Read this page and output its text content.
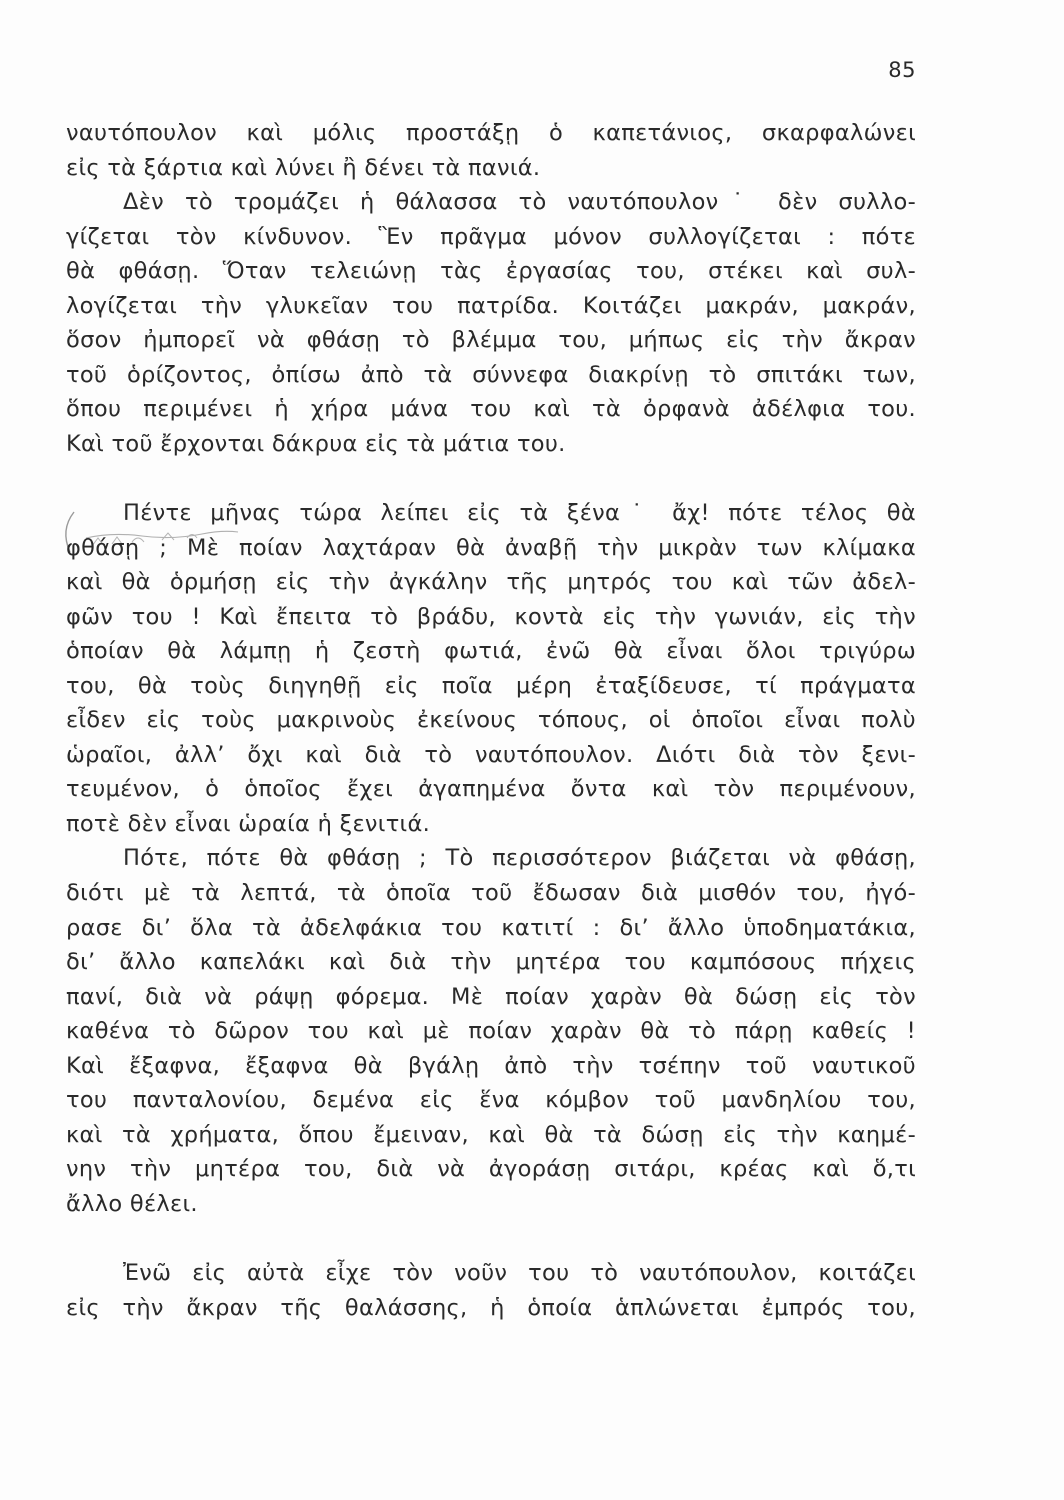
85
ναυτόπουλον καὶ μόλις προστάξῃ ὁ καπετάνιος, σκαρφαλώνει
εἰς τὰ ξάρτια καὶ λύνει ἢ δένει τὰ πανιά.
Δὲν τὸ τρομάζει ἡ θάλασσα τὸ ναυτόπουλον˙ δὲν συλλο-
γίζεται τὸν κίνδυνον. Ἓν πρᾶγμα μόνον συλλογίζεται : πότε
θὰ φθάσῃ. Ὅταν τελειώνῃ τὰς ἐργασίας του, στέκει καὶ συλ-
λογίζεται τὴν γλυκεῖαν του πατρίδα. Κοιτάζει μακράν, μακράν,
ὅσον ἠμπορεῖ νὰ φθάσῃ τὸ βλέμμα του, μήπως εἰς τὴν ἄκραν
τοῦ ὁρίζοντος, ὀπίσω ἀπὸ τὰ σύννεφα διακρίνῃ τὸ σπιτάκι των,
ὅπου περιμένει ἡ χήρα μάνα του καὶ τὰ ὀρφανὰ ἀδέλφια του.
Καὶ τοῦ ἔρχονται δάκρυα εἰς τὰ μάτια του.
Πέντε μῆνας τώρα λείπει εἰς τὰ ξένα˙ ἄχ! πότε τέλος θὰ
φθάσῃ ; Μὲ ποίαν λαχτάραν θὰ ἀναβῇ τὴν μικρὰν των κλίμακα
καὶ θὰ ὁρμήσῃ εἰς τὴν ἀγκάλην τῆς μητρός του καὶ τῶν ἀδελ-
φῶν του ! Καὶ ἔπειτα τὸ βράδυ, κοντὰ εἰς τὴν γωνιάν, εἰς τὴν
ὁποίαν θὰ λάμπῃ ἡ ζεστὴ φωτιά, ἐνῶ θὰ εἶναι ὅλοι τριγύρω
του, θὰ τοὺς διηγηθῇ εἰς ποῖα μέρη ἐταξίδευσε, τί πράγματα
εἶδεν εἰς τοὺς μακρινοὺς ἐκείνους τόπους, οἱ ὁποῖοι εἶναι πολὺ
ὡραῖοι, ἀλλ’ ὄχι καὶ διὰ τὸ ναυτόπουλον. Διότι διὰ τὸν ξενι-
τευμένον, ὁ ὁποῖος ἔχει ἀγαπημένα ὄντα καὶ τὸν περιμένουν,
ποτὲ δὲν εἶναι ὡραία ἡ ξενιτιά.
Πότε, πότε θὰ φθάσῃ ; Τὸ περισσότερον βιάζεται νὰ φθάσῃ,
διότι μὲ τὰ λεπτά, τὰ ὁποῖα τοῦ ἔδωσαν διὰ μισθόν του, ἠγό-
ρασε δι’ ὅλα τὰ ἀδελφάκια του κατιτί : δι’ ἄλλο ὑποδηματάκια,
δι’ ἄλλο καπελάκι καὶ διὰ τὴν μητέρα του καμπόσους πήχεις
πανί, διὰ νὰ ράψῃ φόρεμα. Μὲ ποίαν χαρὰν θὰ δώσῃ εἰς τὸν
καθένα τὸ δῶρον του καὶ μὲ ποίαν χαρὰν θὰ τὸ πάρῃ καθείς !
Καὶ ἔξαφνα, ἔξαφνα θὰ βγάλῃ ἀπὸ τὴν τσέπην τοῦ ναυτικοῦ
του πανταλονίου, δεμένα εἰς ἕνα κόμβον τοῦ μανδηλίου του,
καὶ τὰ χρήματα, ὅπου ἔμειναν, καὶ θὰ τὰ δώσῃ εἰς τὴν καημέ-
νην τὴν μητέρα του, διὰ νὰ ἀγοράσῃ σιτάρι, κρέας καὶ ὅ,τι
ἄλλο θέλει.
Ἐνῶ εἰς αὐτὰ εἶχε τὸν νοῦν του τὸ ναυτόπουλον, κοιτάζει
εἰς τὴν ἄκραν τῆς θαλάσσης, ἡ ὁποία ἁπλώνεται ἐμπρός του,
